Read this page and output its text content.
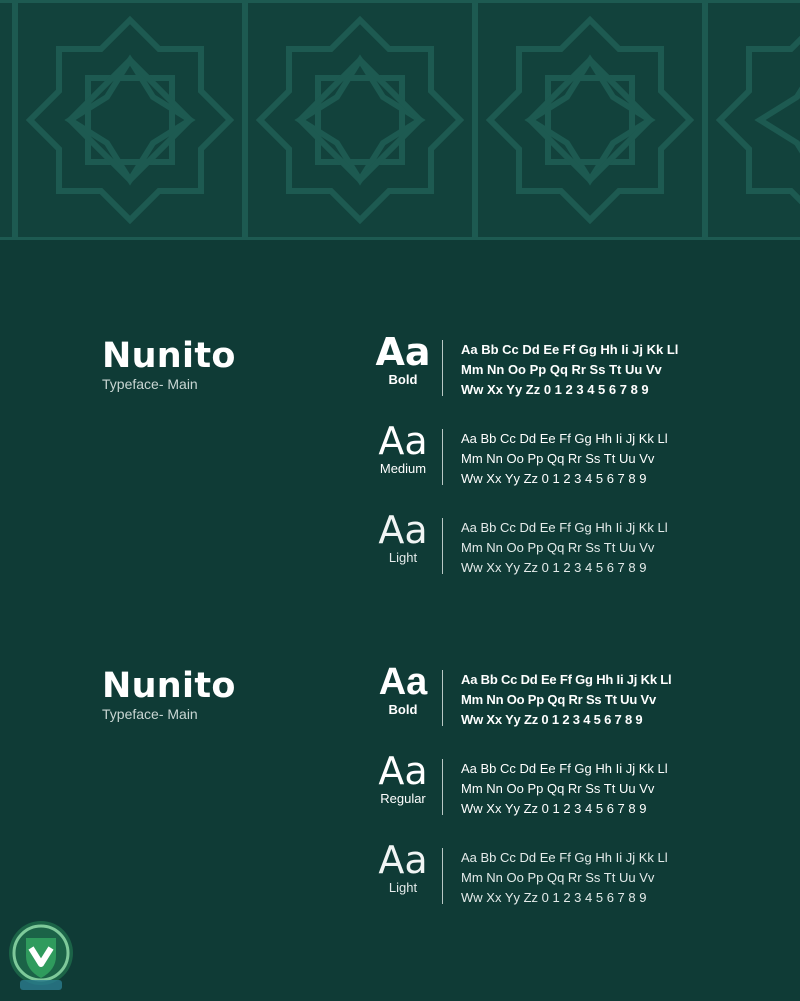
Nunito
Typeface- Main
Aa
Bold
Aa Bb Cc Dd Ee Ff Gg Hh Ii Jj Kk Ll
Mm Nn Oo Pp Qq Rr Ss Tt Uu Vv
Ww Xx Yy Zz 0 1 2 3 4 5 6 7 8 9
Aa
Medium
Aa Bb Cc Dd Ee Ff Gg Hh Ii Jj Kk Ll
Mm Nn Oo Pp Qq Rr Ss Tt Uu Vv
Ww Xx Yy Zz 0 1 2 3 4 5 6 7 8 9
Aa
Light
Aa Bb Cc Dd Ee Ff Gg Hh Ii Jj Kk Ll
Mm Nn Oo Pp Qq Rr Ss Tt Uu Vv
Ww Xx Yy Zz 0 1 2 3 4 5 6 7 8 9
Nunito
Typeface- Main
Aa
Bold
Aa Bb Cc Dd Ee Ff Gg Hh Ii Jj Kk Ll
Mm Nn Oo Pp Qq Rr Ss Tt Uu Vv
Ww Xx Yy Zz 0 1 2 3 4 5 6 7 8 9
Aa
Regular
Aa Bb Cc Dd Ee Ff Gg Hh Ii Jj Kk Ll
Mm Nn Oo Pp Qq Rr Ss Tt Uu Vv
Ww Xx Yy Zz 0 1 2 3 4 5 6 7 8 9
Aa
Light
Aa Bb Cc Dd Ee Ff Gg Hh Ii Jj Kk Ll
Mm Nn Oo Pp Qq Rr Ss Tt Uu Vv
Ww Xx Yy Zz 0 1 2 3 4 5 6 7 8 9
